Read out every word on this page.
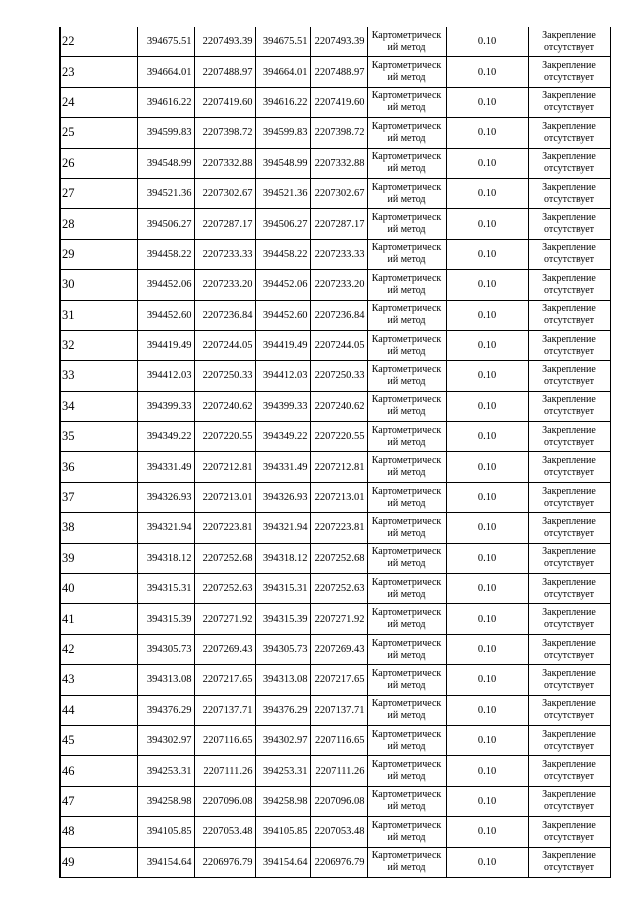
22	394675.51	2207493.39	394675.51	2207493.39	Картометрическ
ий метод	0.10	Закрепление
отсутствует
23	394664.01	2207488.97	394664.01	2207488.97	Картометрическ
ий метод	0.10	Закрепление
отсутствует
24	394616.22	2207419.60	394616.22	2207419.60	Картометрическ
ий метод	0.10	Закрепление
отсутствует
25	394599.83	2207398.72	394599.83	2207398.72	Картометрическ
ий метод	0.10	Закрепление
отсутствует
26	394548.99	2207332.88	394548.99	2207332.88	Картометрическ
ий метод	0.10	Закрепление
отсутствует
27	394521.36	2207302.67	394521.36	2207302.67	Картометрическ
ий метод	0.10	Закрепление
отсутствует
28	394506.27	2207287.17	394506.27	2207287.17	Картометрическ
ий метод	0.10	Закрепление
отсутствует
29	394458.22	2207233.33	394458.22	2207233.33	Картометрическ
ий метод	0.10	Закрепление
отсутствует
30	394452.06	2207233.20	394452.06	2207233.20	Картометрическ
ий метод	0.10	Закрепление
отсутствует
31	394452.60	2207236.84	394452.60	2207236.84	Картометрическ
ий метод	0.10	Закрепление
отсутствует
32	394419.49	2207244.05	394419.49	2207244.05	Картометрическ
ий метод	0.10	Закрепление
отсутствует
33	394412.03	2207250.33	394412.03	2207250.33	Картометрическ
ий метод	0.10	Закрепление
отсутствует
34	394399.33	2207240.62	394399.33	2207240.62	Картометрическ
ий метод	0.10	Закрепление
отсутствует
35	394349.22	2207220.55	394349.22	2207220.55	Картометрическ
ий метод	0.10	Закрепление
отсутствует
36	394331.49	2207212.81	394331.49	2207212.81	Картометрическ
ий метод	0.10	Закрепление
отсутствует
37	394326.93	2207213.01	394326.93	2207213.01	Картометрическ
ий метод	0.10	Закрепление
отсутствует
38	394321.94	2207223.81	394321.94	2207223.81	Картометрическ
ий метод	0.10	Закрепление
отсутствует
39	394318.12	2207252.68	394318.12	2207252.68	Картометрическ
ий метод	0.10	Закрепление
отсутствует
40	394315.31	2207252.63	394315.31	2207252.63	Картометрическ
ий метод	0.10	Закрепление
отсутствует
41	394315.39	2207271.92	394315.39	2207271.92	Картометрическ
ий метод	0.10	Закрепление
отсутствует
42	394305.73	2207269.43	394305.73	2207269.43	Картометрическ
ий метод	0.10	Закрепление
отсутствует
43	394313.08	2207217.65	394313.08	2207217.65	Картометрическ
ий метод	0.10	Закрепление
отсутствует
44	394376.29	2207137.71	394376.29	2207137.71	Картометрическ
ий метод	0.10	Закрепление
отсутствует
45	394302.97	2207116.65	394302.97	2207116.65	Картометрическ
ий метод	0.10	Закрепление
отсутствует
46	394253.31	2207111.26	394253.31	2207111.26	Картометрическ
ий метод	0.10	Закрепление
отсутствует
47	394258.98	2207096.08	394258.98	2207096.08	Картометрическ
ий метод	0.10	Закрепление
отсутствует
48	394105.85	2207053.48	394105.85	2207053.48	Картометрическ
ий метод	0.10	Закрепление
отсутствует
49	394154.64	2206976.79	394154.64	2206976.79	Картометрическ
ий метод	0.10	Закрепление
отсутствует
